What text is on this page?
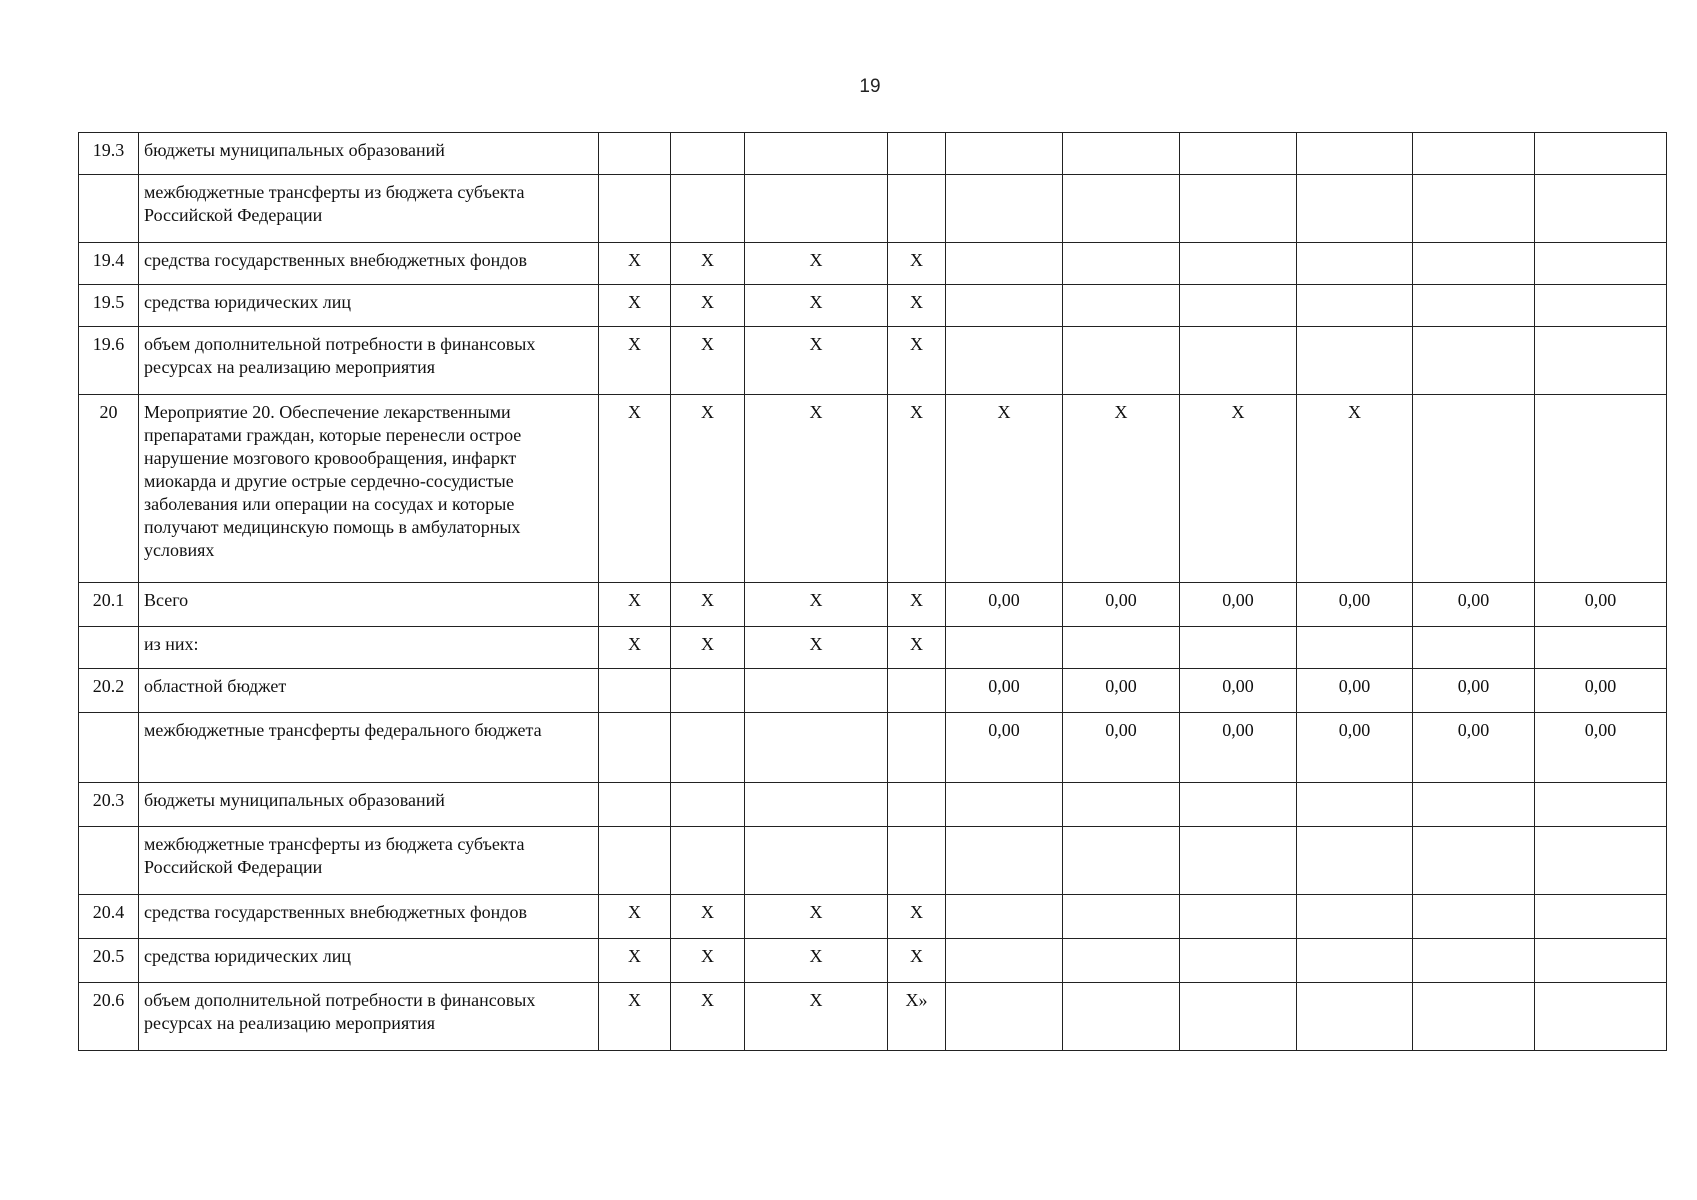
19
19.3	бюджеты муниципальных образований										
	межбюджетные трансферты из бюджета субъекта Российской Федерации										
19.4	средства государственных внебюджетных фондов	Х	Х	Х	Х						
19.5	средства юридических лиц	Х	Х	Х	Х						
19.6	объем дополнительной потребности в финансовых ресурсах на реализацию мероприятия	Х	Х	Х	Х						
20	Мероприятие 20. Обеспечение лекарственными препаратами граждан, которые перенесли острое нарушение мозгового кровообращения, инфаркт миокарда и другие острые сердечно-сосудистые заболевания или операции на сосудах и которые получают медицинскую помощь в амбулаторных условиях	Х	Х	Х	Х	Х	Х	Х	Х		
20.1	Всего	Х	Х	Х	Х	0,00	0,00	0,00	0,00	0,00	0,00
	из них:	Х	Х	Х	Х						
20.2	областной бюджет					0,00	0,00	0,00	0,00	0,00	0,00
	межбюджетные трансферты федерального бюджета					0,00	0,00	0,00	0,00	0,00	0,00
20.3	бюджеты муниципальных образований										
	межбюджетные трансферты из бюджета субъекта Российской Федерации										
20.4	средства государственных внебюджетных фондов	Х	Х	Х	Х						
20.5	средства юридических лиц	Х	Х	Х	Х						
20.6	объем дополнительной потребности в финансовых ресурсах на реализацию мероприятия	Х	Х	Х	Х»						
